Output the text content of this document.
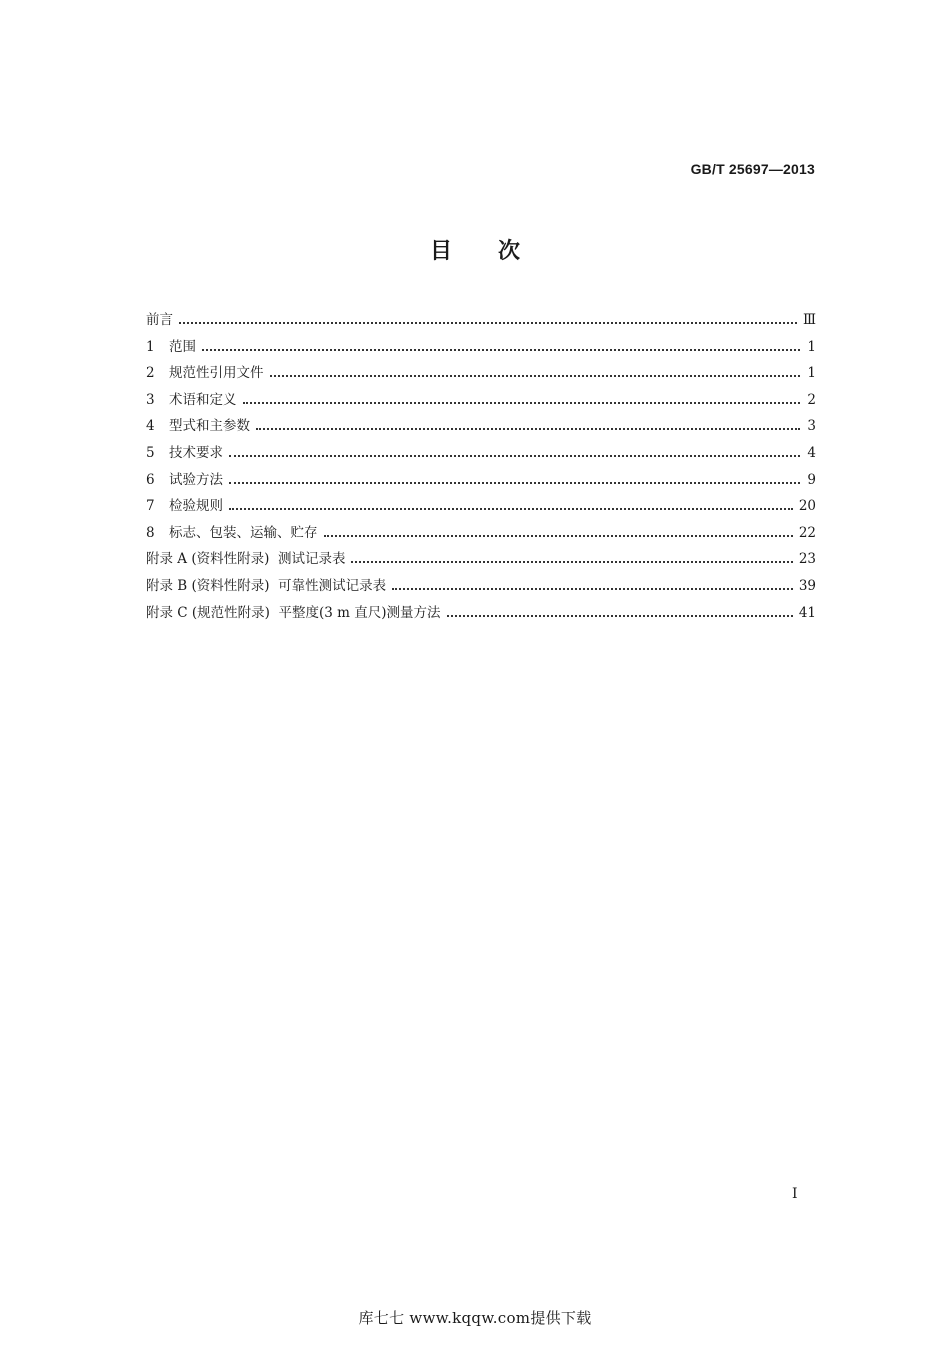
GB/T 25697—2013
目 次
前言	Ⅲ
1	范围	1
2	规范性引用文件	1
3	术语和定义	2
4	型式和主参数	3
5	技术要求	4
6	试验方法	9
7	检验规则	20
8	标志、包装、运输、贮存	22
附录 A (资料性附录)  测试记录表	23
附录 B (资料性附录)  可靠性测试记录表	39
附录 C (规范性附录)  平整度(3 m 直尺)测量方法	41
I
库七七 www.kqqw.com提供下载
